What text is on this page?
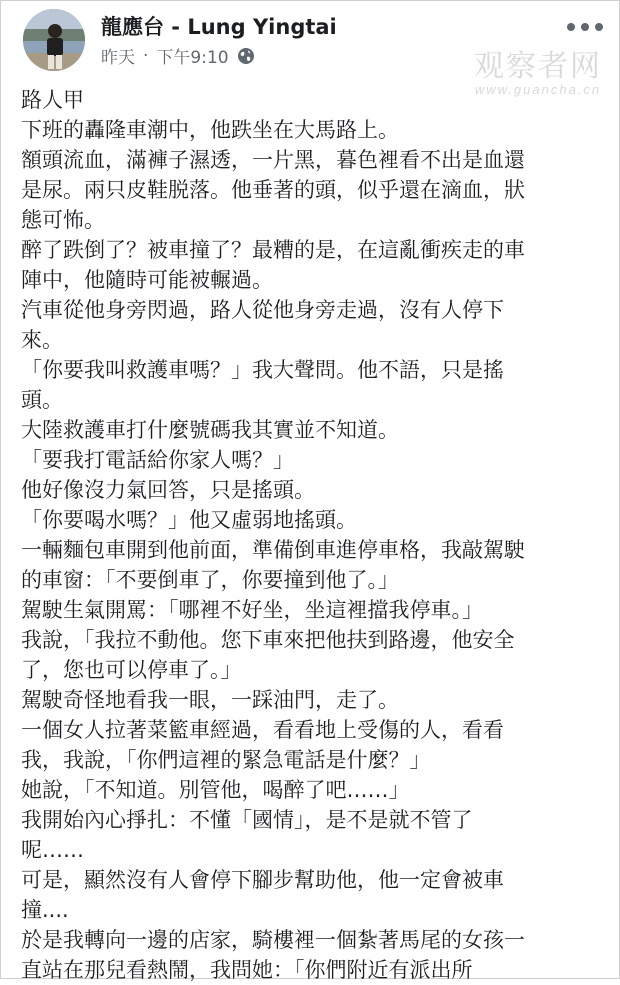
龍應台 - Lung Yingtai
昨天 · 下午9:10	观察者网
www.guancha.cn

路人甲

下班的轟隆車潮中，他跌坐在大馬路上。

額頭流血，滿褲子濕透，一片黑，暮色裡看不出是血還

是尿。兩只皮鞋脱落。他垂著的頭，似乎還在滴血，狀

態可怖。

醉了跌倒了？被車撞了？最糟的是，在這亂衝疾走的車

陣中，他隨時可能被輾過。

汽車從他身旁閃過，路人從他身旁走過，沒有人停下

來。

「你要我叫救護車嗎？」我大聲問。他不語，只是搖

頭。

大陸救護車打什麼號碼我其實並不知道。

「要我打電話給你家人嗎？」

他好像沒力氣回答，只是搖頭。

「你要喝水嗎？」他又虛弱地搖頭。

一輛麵包車開到他前面，準備倒車進停車格，我敲駕駛

的車窗：「不要倒車了，你要撞到他了。」

駕駛生氣開罵：「哪裡不好坐，坐這裡擋我停車。」

我說，「我拉不動他。您下車來把他扶到路邊，他安全

了，您也可以停車了。」

駕駛奇怪地看我一眼，一踩油門，走了。

一個女人拉著菜籃車經過，看看地上受傷的人，看看

我，我說，「你們這裡的緊急電話是什麼？」

她說，「不知道。別管他，喝醉了吧……」

我開始內心掙扎：不懂「國情」，是不是就不管了

呢……

可是，顯然沒有人會停下腳步幫助他，他一定會被車

撞....

於是我轉向一邊的店家，騎樓裡一個紮著馬尾的女孩一

直站在那兒看熱鬧，我問她：「你們附近有派出所
